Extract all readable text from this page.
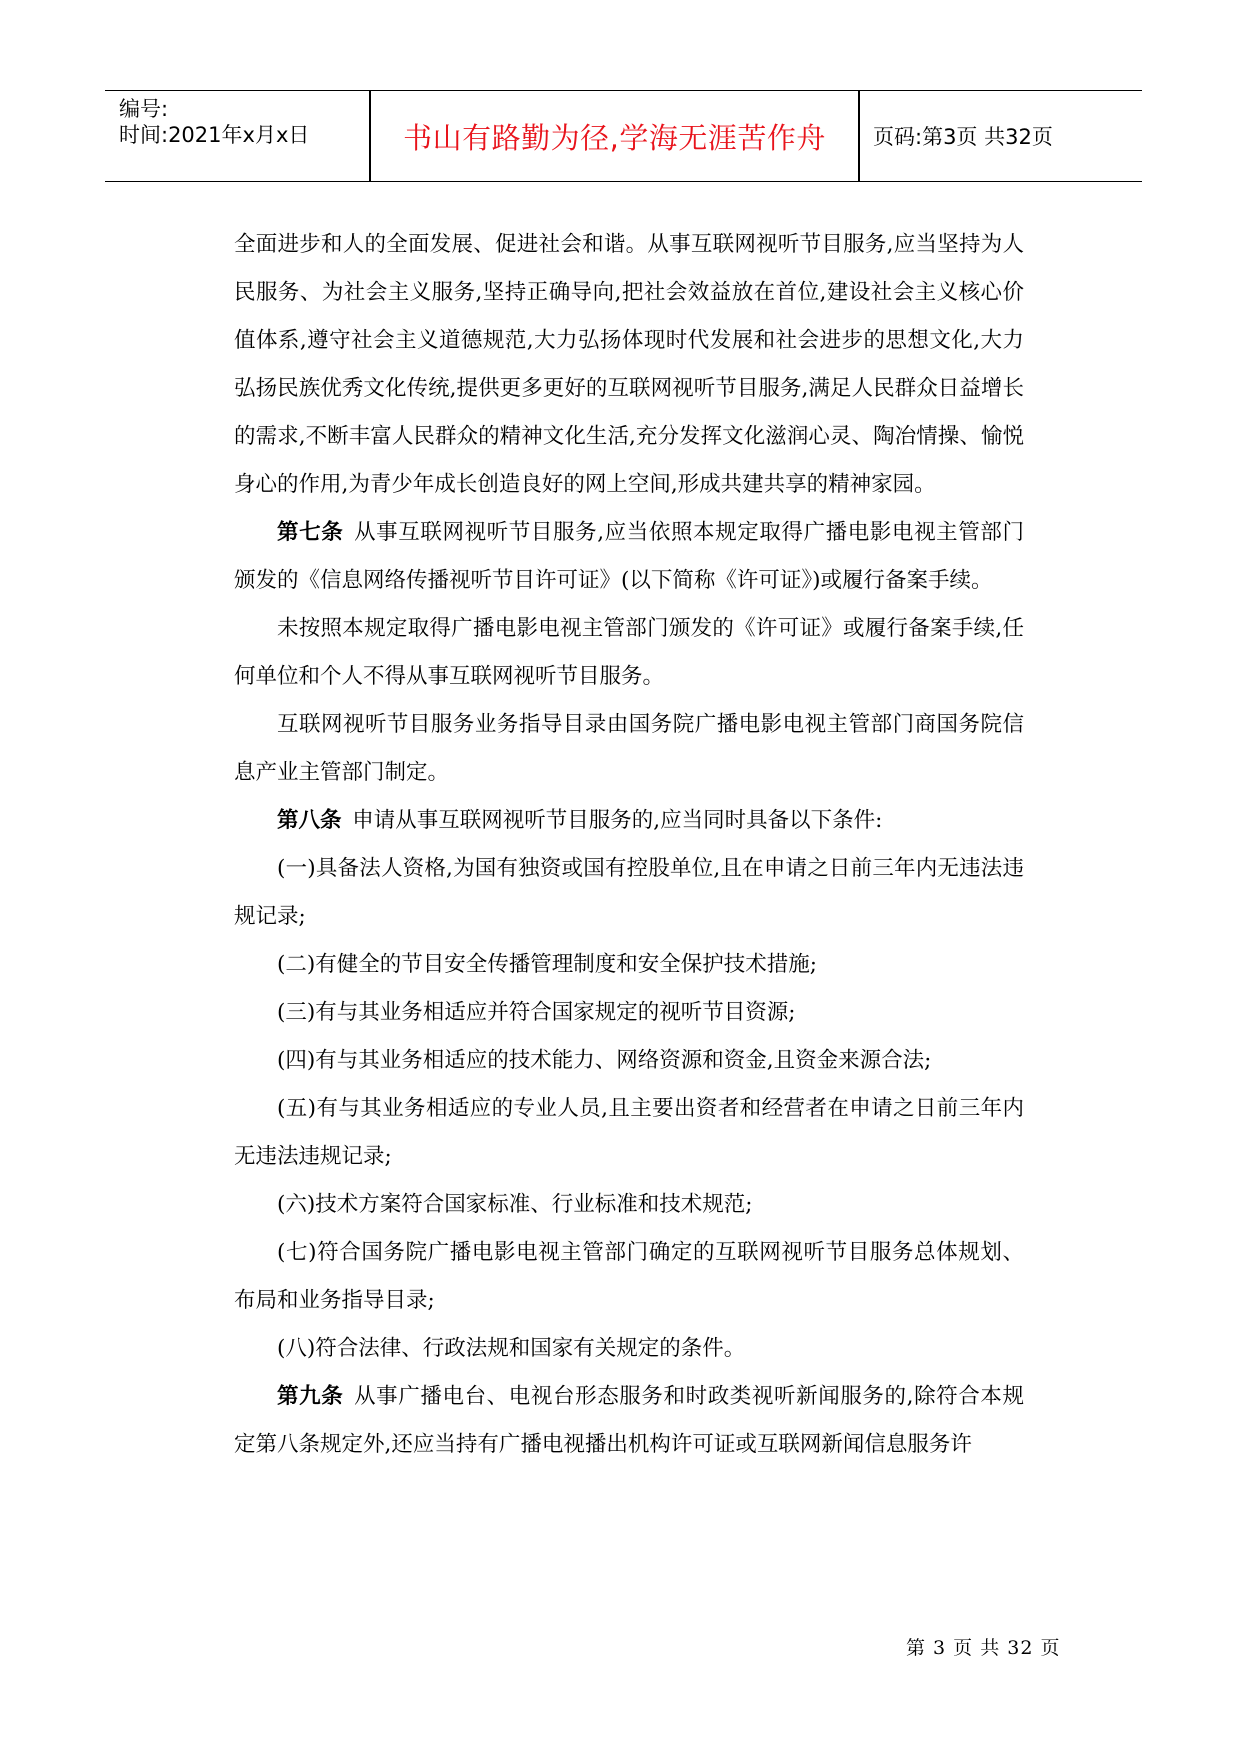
编号:
时间:2021年x月x日	书山有路勤为径,学海无涯苦作舟	页码:第3页 共32页

全面进步和人的全面发展、促进社会和谐。从事互联网视听节目服务,应当坚持为人民服务、为社会主义服务,坚持正确导向,把社会效益放在首位,建设社会主义核心价值体系,遵守社会主义道德规范,大力弘扬体现时代发展和社会进步的思想文化,大力弘扬民族优秀文化传统,提供更多更好的互联网视听节目服务,满足人民群众日益增长的需求,不断丰富人民群众的精神文化生活,充分发挥文化滋润心灵、陶冶情操、愉悦身心的作用,为青少年成长创造良好的网上空间,形成共建共享的精神家园。

第七条 从事互联网视听节目服务,应当依照本规定取得广播电影电视主管部门颁发的《信息网络传播视听节目许可证》(以下简称《许可证》)或履行备案手续。

未按照本规定取得广播电影电视主管部门颁发的《许可证》或履行备案手续,任何单位和个人不得从事互联网视听节目服务。

互联网视听节目服务业务指导目录由国务院广播电影电视主管部门商国务院信息产业主管部门制定。

第八条 申请从事互联网视听节目服务的,应当同时具备以下条件:

(一)具备法人资格,为国有独资或国有控股单位,且在申请之日前三年内无违法违规记录;

(二)有健全的节目安全传播管理制度和安全保护技术措施;

(三)有与其业务相适应并符合国家规定的视听节目资源;

(四)有与其业务相适应的技术能力、网络资源和资金,且资金来源合法;

(五)有与其业务相适应的专业人员,且主要出资者和经营者在申请之日前三年内无违法违规记录;

(六)技术方案符合国家标准、行业标准和技术规范;

(七)符合国务院广播电影电视主管部门确定的互联网视听节目服务总体规划、布局和业务指导目录;

(八)符合法律、行政法规和国家有关规定的条件。

第九条 从事广播电台、电视台形态服务和时政类视听新闻服务的,除符合本规定第八条规定外,还应当持有广播电视播出机构许可证或互联网新闻信息服务许

第 3 页 共 32 页
